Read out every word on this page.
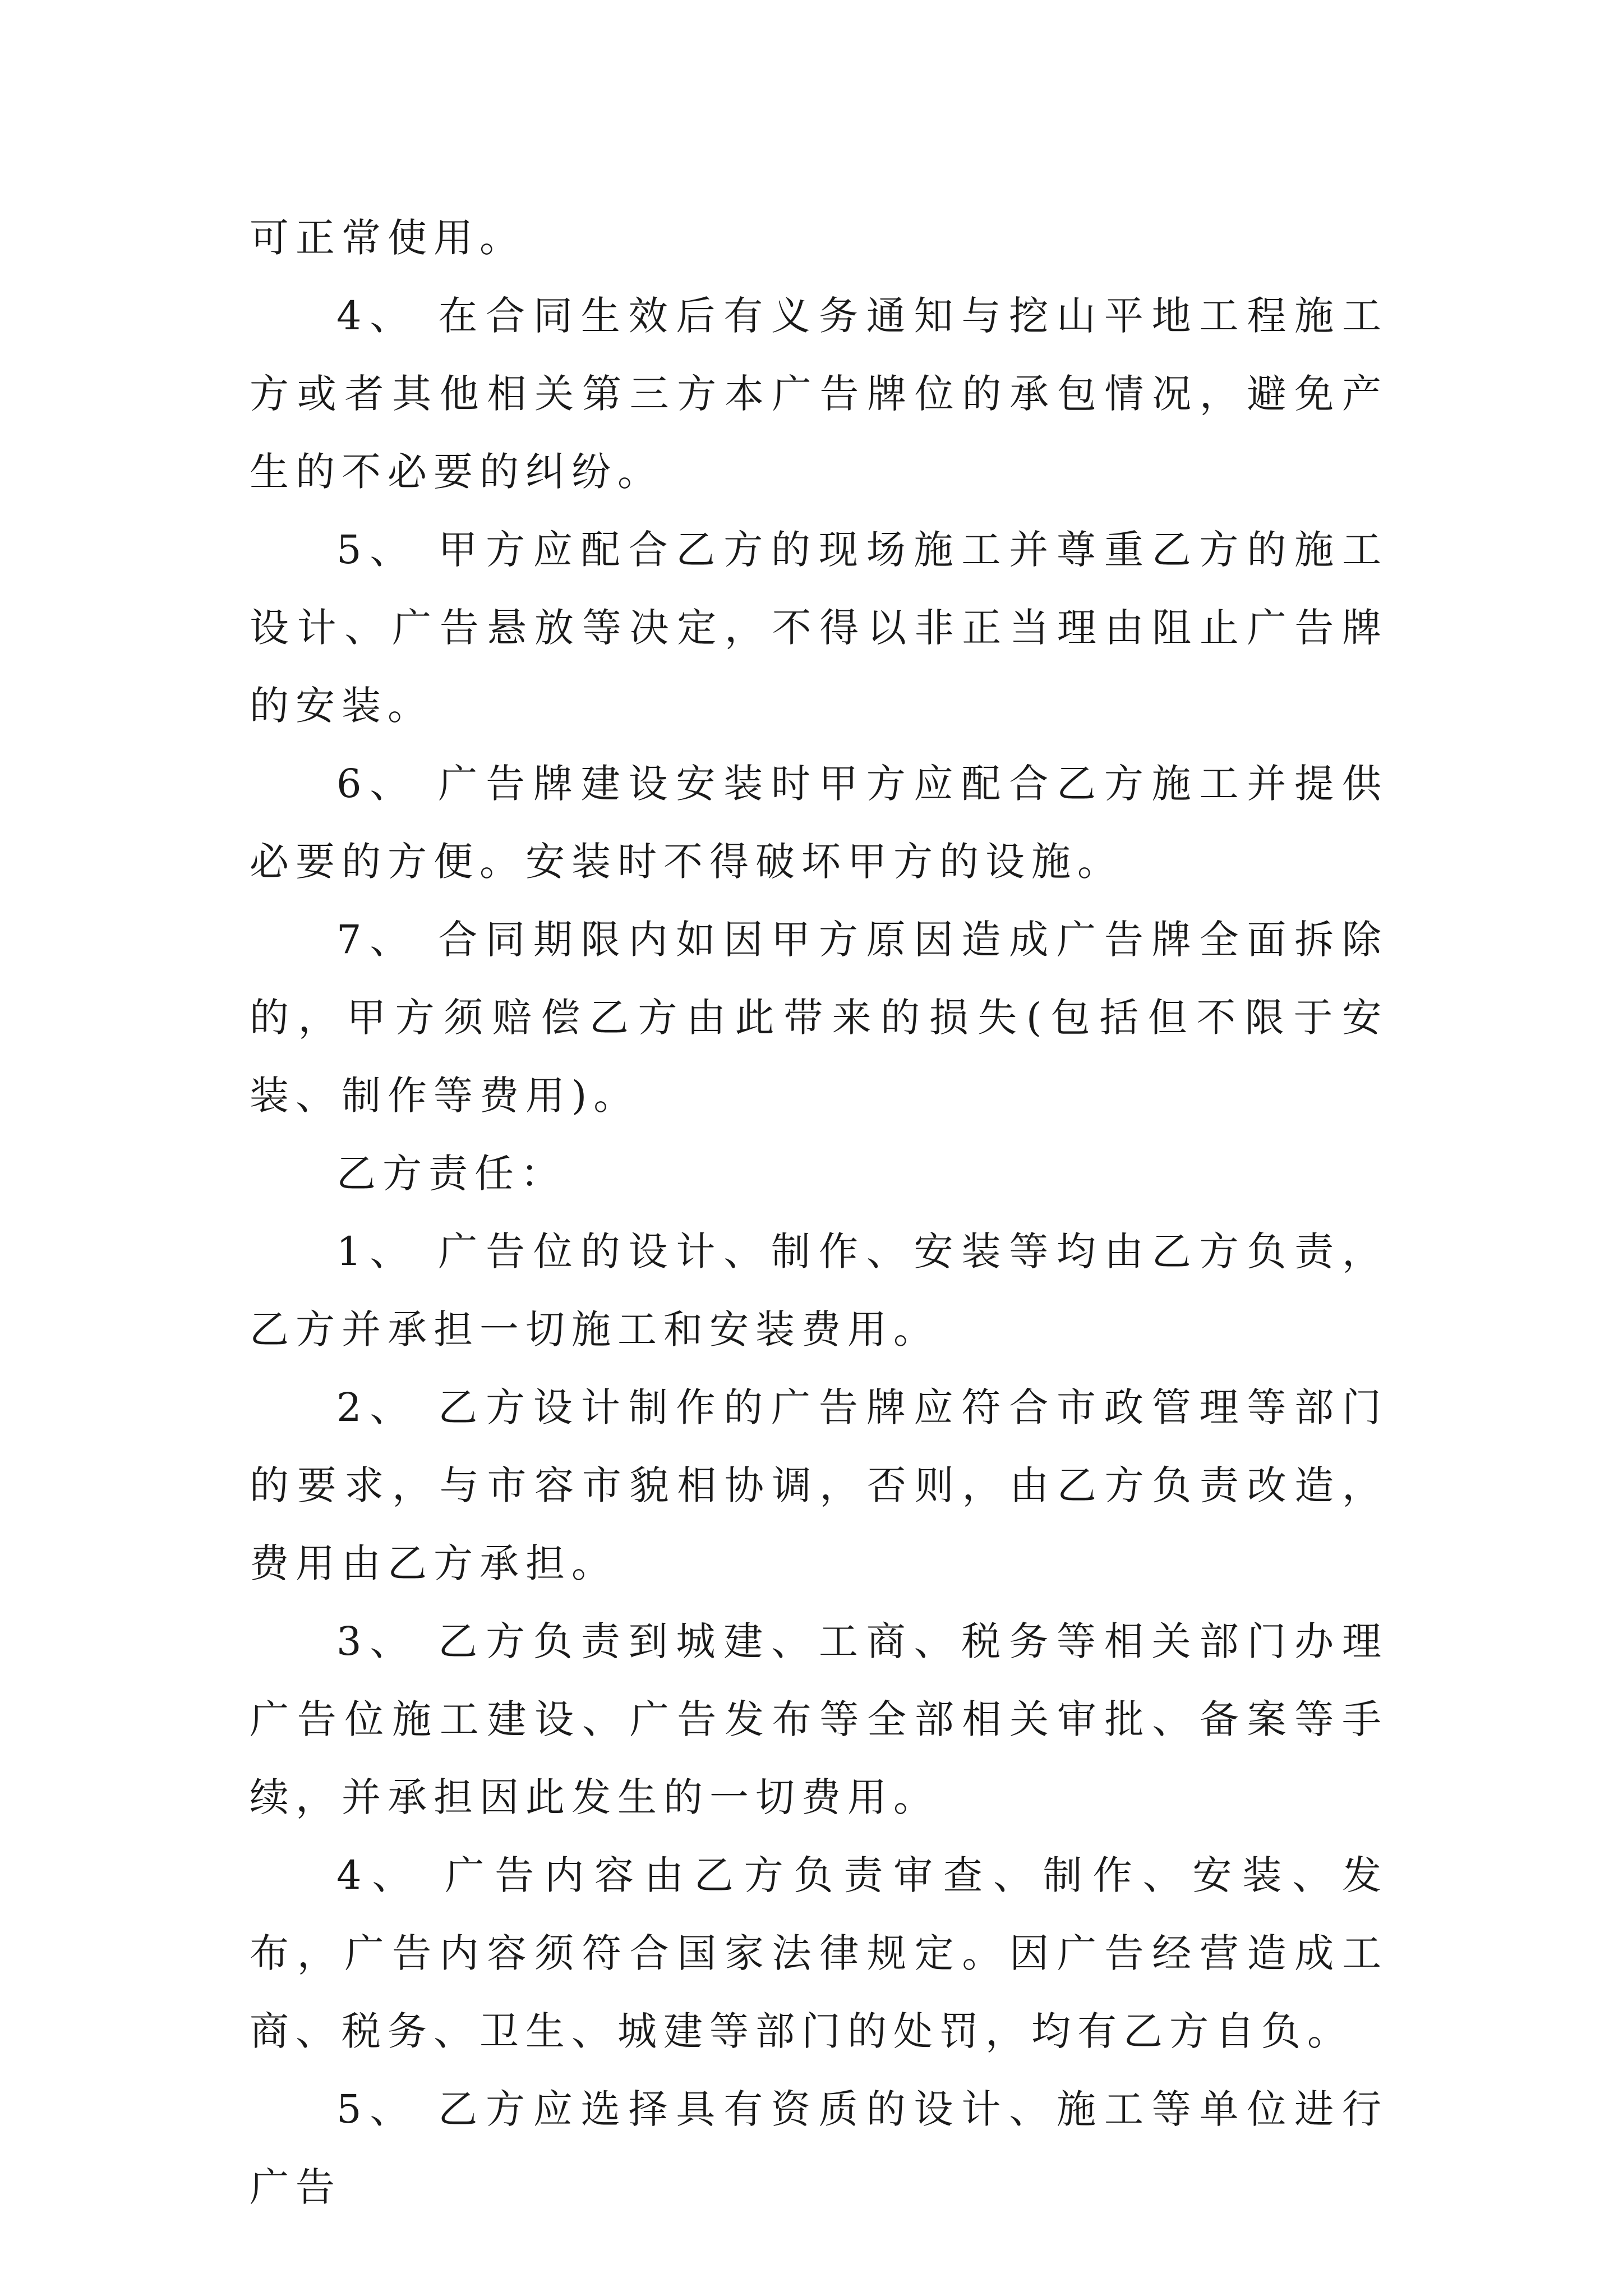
可正常使用。

4、 在合同生效后有义务通知与挖山平地工程施工方或者其他相关第三方本广告牌位的承包情况，避免产生的不必要的纠纷。

5、 甲方应配合乙方的现场施工并尊重乙方的施工设计、广告悬放等决定，不得以非正当理由阻止广告牌的安装。

6、 广告牌建设安装时甲方应配合乙方施工并提供必要的方便。安装时不得破坏甲方的设施。

7、 合同期限内如因甲方原因造成广告牌全面拆除的，甲方须赔偿乙方由此带来的损失(包括但不限于安装、制作等费用)。

乙方责任：

1、 广告位的设计、制作、安装等均由乙方负责，乙方并承担一切施工和安装费用。

2、 乙方设计制作的广告牌应符合市政管理等部门的要求，与市容市貌相协调，否则，由乙方负责改造，费用由乙方承担。

3、 乙方负责到城建、工商、税务等相关部门办理广告位施工建设、广告发布等全部相关审批、备案等手续，并承担因此发生的一切费用。

4、 广告内容由乙方负责审查、制作、安装、发布，广告内容须符合国家法律规定。因广告经营造成工商、税务、卫生、城建等部门的处罚，均有乙方自负。

5、 乙方应选择具有资质的设计、施工等单位进行广告
